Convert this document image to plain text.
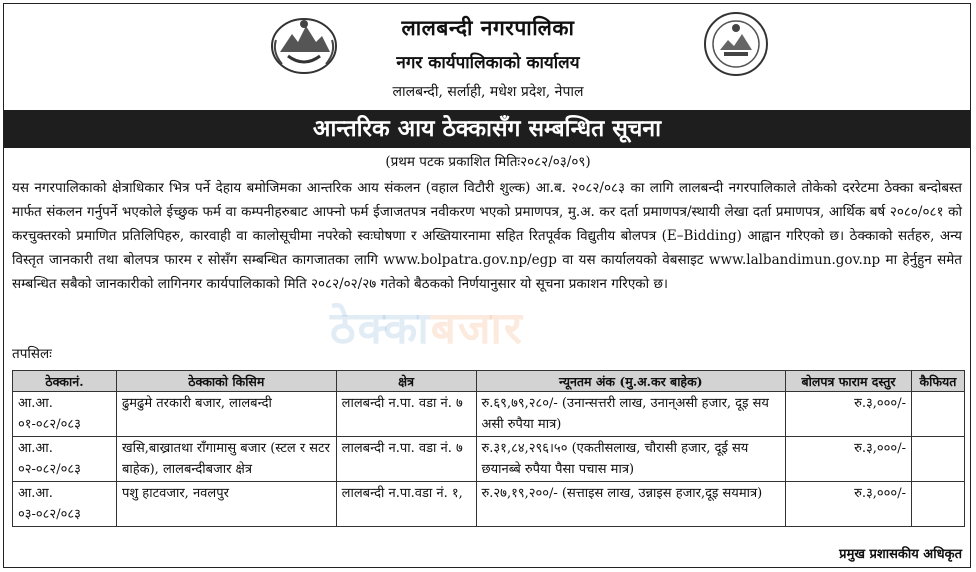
लालबन्दी नगरपालिका
नगर कार्यपालिकाको कार्यालय
लालबन्दी, सर्लाही, मधेश प्रदेश, नेपाल
आन्तरिक आय ठेक्कासँग सम्बन्धित सूचना
(प्रथम पटक प्रकाशित मितिः२०८२/०३/०९)
यस नगरपालिकाको क्षेत्राधिकार भित्र पर्ने देहाय बमोजिमका आन्तरिक आय संकलन (वहाल विटौरी शुल्क) आ.ब. २०८२/०८३ का लागि लालबन्दी नगरपालिकाले तोकेको दररेटमा ठेक्का बन्दोबस्त मार्फत संकलन गर्नुपर्ने भएकोले ईच्छुक फर्म वा कम्पनीहरुबाट आफ्नो फर्म ईजाजतपत्र नवीकरण भएको प्रमाणपत्र, मु.अ. कर दर्ता प्रमाणपत्र/स्थायी लेखा दर्ता प्रमाणपत्र, आर्थिक बर्ष २०८०/०८१ को करचुक्तरको प्रमाणित प्रतिलिपिहरु, कारवाही वा कालोसूचीमा नपरेको स्वःघोषणा र अख्तियारनामा सहित रितपूर्वक विद्युतीय बोलपत्र (E–Bidding) आह्वान गरिएको छ। ठेक्काको सर्तहरु, अन्य विस्तृत जानकारी तथा बोलपत्र फारम र सोसँग सम्बन्धित कागजातका लागि www.bolpatra.gov.np/egp वा यस कार्यालयको वेबसाइट www.lalbandimun.gov.np मा हेर्नुहुन समेत सम्बन्धित सबैको जानकारीको लागिनगर कार्यपालिकाको मिति २०८२/०२/२७ गतेको बैठकको निर्णयानुसार यो सूचना प्रकाशन गरिएको छ।
ठेक्काबजार
तपसिलः
ठेक्कानं.	ठेक्काको किसिम	क्षेत्र	न्यूनतम अंक (मु.अ.कर बाहेक)	बोलपत्र फाराम दस्तुर	कैफियत
आ.आ. ०१-०८२/०८३	ढुमढुमे तरकारी बजार, लालबन्दी	लालबन्दी न.पा. वडा नं. ७	रु.६९,७९,२८०/- (उनान्सत्तरी लाख, उनान्असी हजार, दूइ सय असी रुपैया मात्र)	रु.३,०००/-	
आ.आ. ०२-०८२/०८३	खसि,बाख्रातथा राँगामासु बजार (स्टल र सटर बाहेक), लालबन्दीबजार क्षेत्र	लालबन्दी न.पा. वडा नं. ७	रु.३१,८४,२९६।५० (एकतीसलाख, चौरासी हजार, दूई सय छयानब्बे रुपैया पैसा पचास मात्र)	रु.३,०००/-	
आ.आ. ०३-०८२/०८३	पशु हाटवजार, नवलपुर	लालबन्दी न.पा.वडा नं. १,	रु.२७,१९,२००/- (सत्ताइस लाख, उन्नाइस हजार,दूइ सयमात्र)	रु.३,०००/-	
प्रमुख प्रशासकीय अधिकृत
